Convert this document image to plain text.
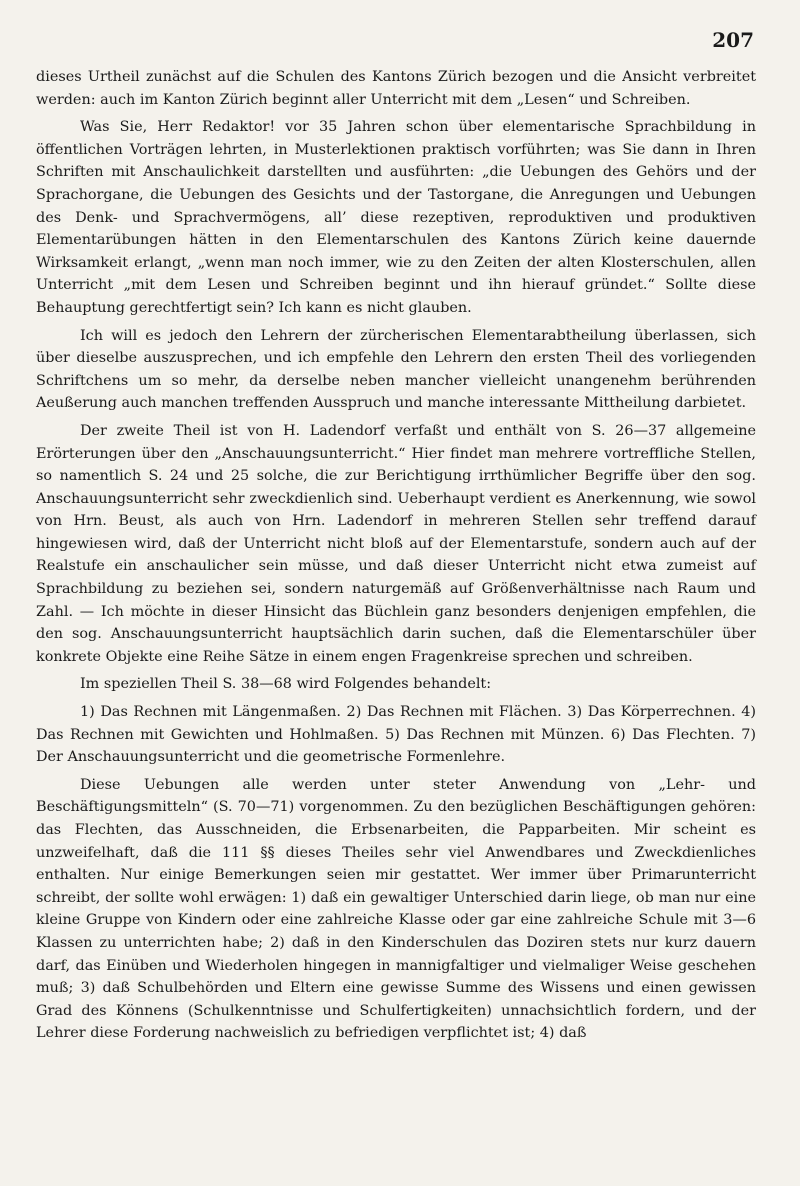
207

dieses Urtheil zunächst auf die Schulen des Kantons Zürich bezogen und die Ansicht verbreitet werden: auch im Kanton Zürich beginnt aller Unterricht mit dem „Lesen“ und Schreiben.

Was Sie, Herr Redaktor! vor 35 Jahren schon über elementarische Sprachbildung in öffentlichen Vorträgen lehrten, in Musterlektionen praktisch vorführten; was Sie dann in Ihren Schriften mit Anschaulichkeit darstellten und ausführten: „die Uebungen des Gehörs und der Sprachorgane, die Uebungen des Gesichts und der Tastorgane, die Anregungen und Uebungen des Denk- und Sprachvermögens, all’ diese rezeptiven, reproduktiven und produktiven Elementarübungen hätten in den Elementarschulen des Kantons Zürich keine dauernde Wirksamkeit erlangt, „wenn man noch immer, wie zu den Zeiten der alten Klosterschulen, allen Unterricht „mit dem Lesen und Schreiben beginnt und ihn hierauf gründet.“ Sollte diese Behauptung gerechtfertigt sein? Ich kann es nicht glauben.

Ich will es jedoch den Lehrern der zürcherischen Elementarabtheilung überlassen, sich über dieselbe auszusprechen, und ich empfehle den Lehrern den ersten Theil des vorliegenden Schriftchens um so mehr, da derselbe neben mancher vielleicht unangenehm berührenden Aeußerung auch manchen treffenden Ausspruch und manche interessante Mittheilung darbietet.

Der zweite Theil ist von H. Ladendorf verfaßt und enthält von S. 26—37 allgemeine Erörterungen über den „Anschauungsunterricht.“ Hier findet man mehrere vortreffliche Stellen, so namentlich S. 24 und 25 solche, die zur Berichtigung irrthümlicher Begriffe über den sog. Anschauungsunterricht sehr zweckdienlich sind. Ueberhaupt verdient es Anerkennung, wie sowol von Hrn. Beust, als auch von Hrn. Ladendorf in mehreren Stellen sehr treffend darauf hingewiesen wird, daß der Unterricht nicht bloß auf der Elementarstufe, sondern auch auf der Realstufe ein anschaulicher sein müsse, und daß dieser Unterricht nicht etwa zumeist auf Sprachbildung zu beziehen sei, sondern naturgemäß auf Größenverhältnisse nach Raum und Zahl. — Ich möchte in dieser Hinsicht das Büchlein ganz besonders denjenigen empfehlen, die den sog. Anschauungsunterricht hauptsächlich darin suchen, daß die Elementarschüler über konkrete Objekte eine Reihe Sätze in einem engen Fragenkreise sprechen und schreiben.

Im speziellen Theil S. 38—68 wird Folgendes behandelt:

1) Das Rechnen mit Längenmaßen. 2) Das Rechnen mit Flächen. 3) Das Körperrechnen. 4) Das Rechnen mit Gewichten und Hohlmaßen. 5) Das Rechnen mit Münzen. 6) Das Flechten. 7) Der Anschauungsunterricht und die geometrische Formenlehre.

Diese Uebungen alle werden unter steter Anwendung von „Lehr- und Beschäftigungsmitteln“ (S. 70—71) vorgenommen. Zu den bezüglichen Beschäftigungen gehören: das Flechten, das Ausschneiden, die Erbsenarbeiten, die Papparbeiten. Mir scheint es unzweifelhaft, daß die 111 §§ dieses Theiles sehr viel Anwendbares und Zweckdienliches enthalten. Nur einige Bemerkungen seien mir gestattet. Wer immer über Primarunterricht schreibt, der sollte wohl erwägen: 1) daß ein gewaltiger Unterschied darin liege, ob man nur eine kleine Gruppe von Kindern oder eine zahlreiche Klasse oder gar eine zahlreiche Schule mit 3—6 Klassen zu unterrichten habe; 2) daß in den Kinderschulen das Doziren stets nur kurz dauern darf, das Einüben und Wiederholen hingegen in mannigfaltiger und vielmaliger Weise geschehen muß; 3) daß Schulbehörden und Eltern eine gewisse Summe des Wissens und einen gewissen Grad des Könnens (Schulkenntnisse und Schulfertigkeiten) unnachsichtlich fordern, und der Lehrer diese Forderung nachweislich zu befriedigen verpflichtet ist; 4) daß
